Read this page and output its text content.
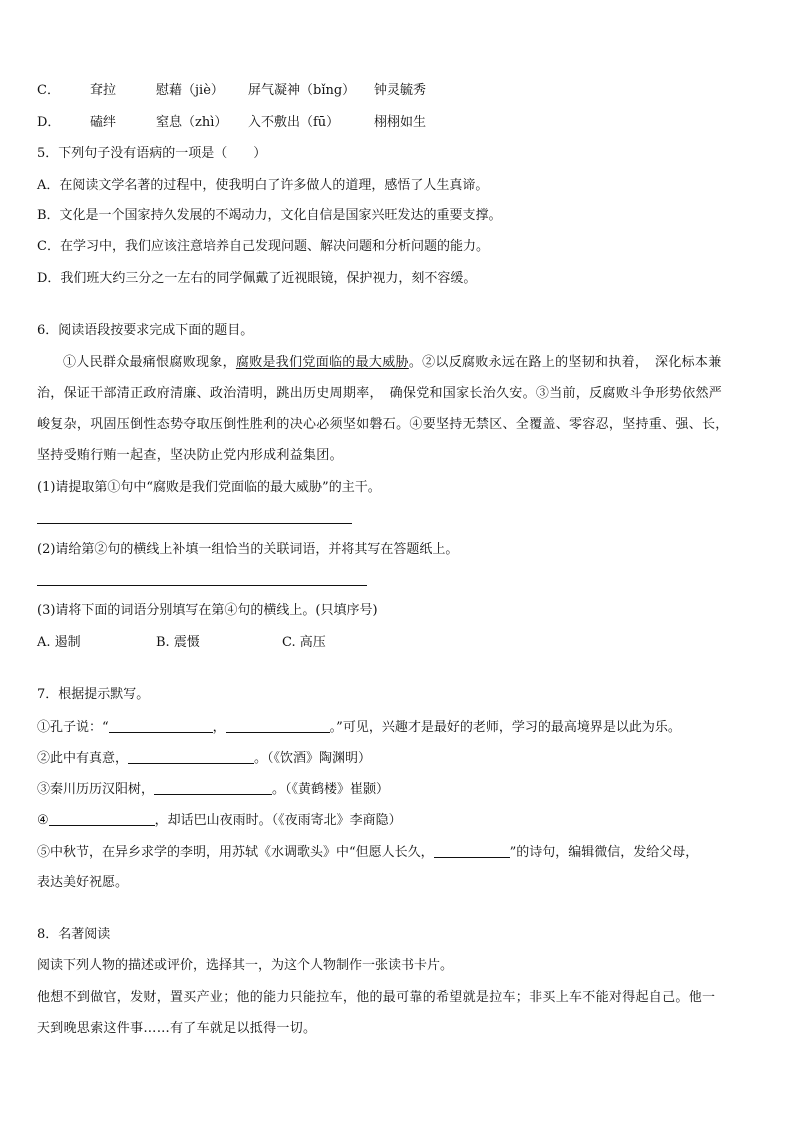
C． 耷拉	慰藉（jiè） 屏气凝神（bǐng） 钟灵毓秀
D． 磕绊	窒息（zhì） 入不敷出（fū）	栩栩如生
5．下列句子没有语病的一项是（　　）
A．在阅读文学名著的过程中，使我明白了许多做人的道理，感悟了人生真谛。
B．文化是一个国家持久发展的不竭动力，文化自信是国家兴旺发达的重要支撑。
C．在学习中，我们应该注意培养自己发现问题、解决问题和分析问题的能力。
D．我们班大约三分之一左右的同学佩戴了近视眼镜，保护视力，刻不容缓。
6．阅读语段按要求完成下面的题目。
①人民群众最痛恨腐败现象，腐败是我们党面临的最大威胁。②以反腐败永远在路上的坚韧和执着，　深化标本兼
治，保证干部清正政府清廉、政治清明，跳出历史周期率，　确保党和国家长治久安。③当前，反腐败斗争形势依然严
峻复杂，巩固压倒性态势夺取压倒性胜利的决心必须坚如磐石。④要坚持无禁区、全覆盖、零容忍，坚持重、强、长，
坚持受贿行贿一起查，坚决防止党内形成利益集团。
(1)请提取第①句中“腐败是我们党面临的最大威胁”的主干。
(2)请给第②句的横线上补填一组恰当的关联词语，并将其写在答题纸上。
(3)请将下面的词语分别填写在第④句的横线上。(只填序号)
A. 遏制	B. 震慑	C. 高压
7．根据提示默写。
①孔子说：“	，	。”可见，兴趣才是最好的老师，学习的最高境界是以此为乐。
②此中有真意，	。（《饮酒》陶渊明）
③秦川历历汉阳树，	。（《黄鹤楼》崔颢）
④	，却话巴山夜雨时。（《夜雨寄北》李商隐）
⑤中秋节，在异乡求学的李明，用苏轼《水调歌头》中“但愿人长久，	”的诗句，编辑微信，发给父母，
表达美好祝愿。
8．名著阅读
阅读下列人物的描述或评价，选择其一，为这个人物制作一张读书卡片。
他想不到做官，发财，置买产业；他的能力只能拉车，他的最可靠的希望就是拉车；非买上车不能对得起自己。他一
天到晚思索这件事……有了车就足以抵得一切。
